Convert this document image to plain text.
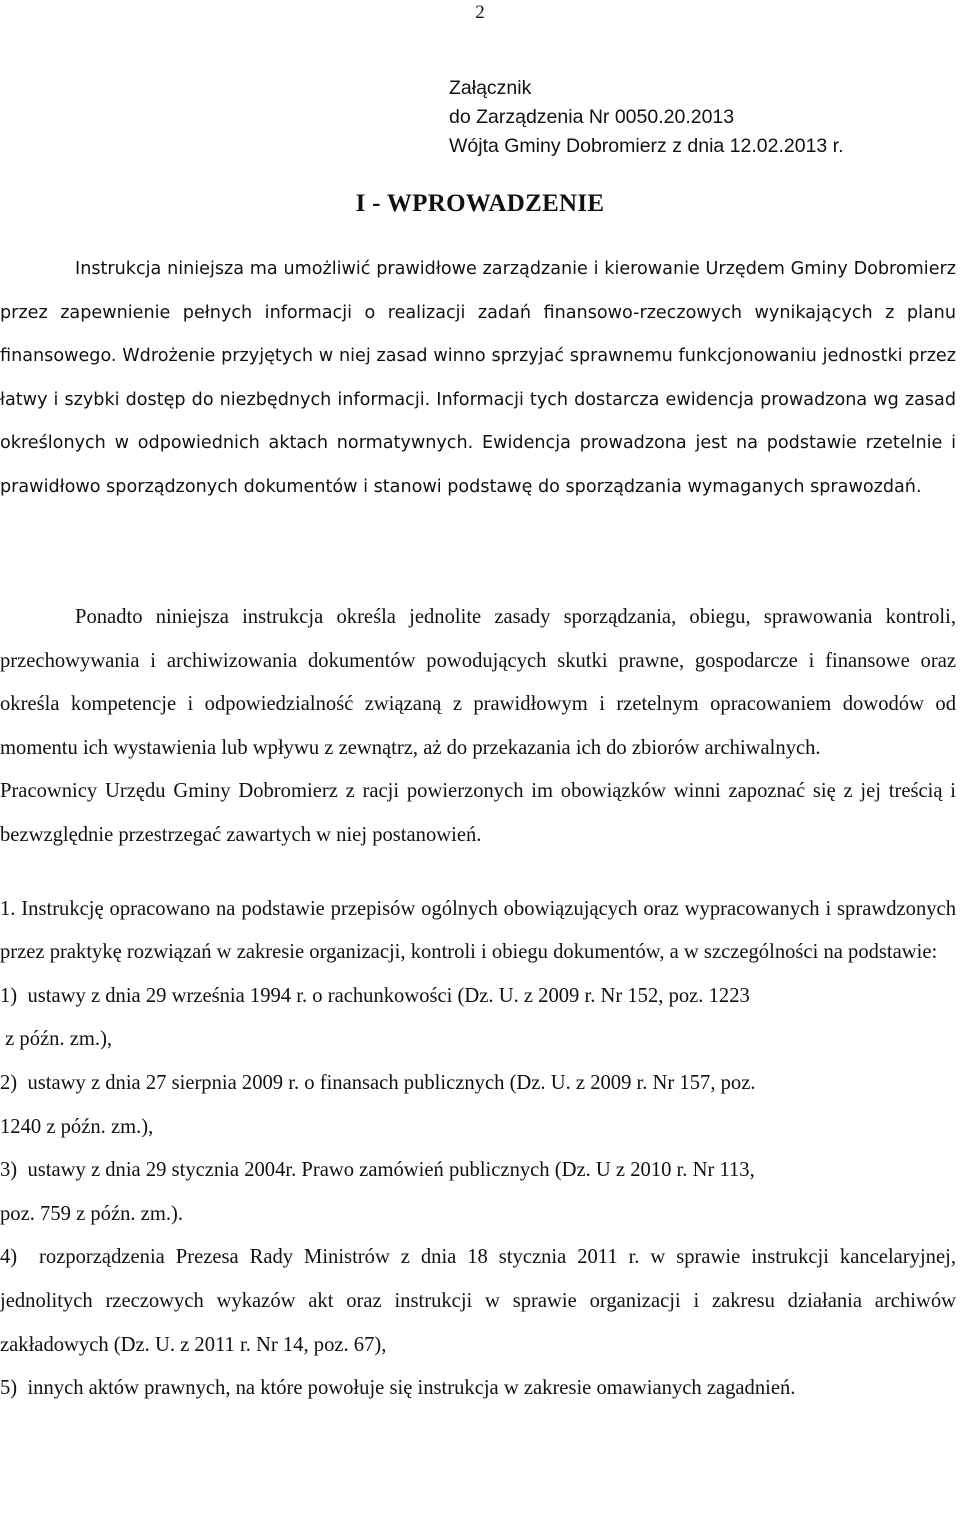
2
Załącznik
do Zarządzenia Nr 0050.20.2013
Wójta Gminy Dobromierz z dnia 12.02.2013 r.
I - WPROWADZENIE

Instrukcja niniejsza ma umożliwić prawidłowe zarządzanie i kierowanie Urzędem Gminy Dobromierz przez zapewnienie pełnych informacji o realizacji zadań finansowo-rzeczowych wynikających z planu finansowego. Wdrożenie przyjętych w niej zasad winno sprzyjać sprawnemu funkcjonowaniu jednostki przez łatwy i szybki dostęp do niezbędnych informacji. Informacji tych dostarcza ewidencja prowadzona wg zasad określonych w odpowiednich aktach normatywnych. Ewidencja prowadzona jest na podstawie rzetelnie i prawidłowo sporządzonych dokumentów i stanowi podstawę do sporządzania wymaganych sprawozdań.

Ponadto niniejsza instrukcja określa jednolite zasady sporządzania, obiegu, sprawowania kontroli, przechowywania i archiwizowania dokumentów powodujących skutki prawne, gospodarcze i finansowe oraz określa kompetencje i odpowiedzialność związaną z prawidłowym i rzetelnym opracowaniem dowodów od momentu ich wystawienia lub wpływu z zewnątrz, aż do przekazania ich do zbiorów archiwalnych.

Pracownicy Urzędu Gminy Dobromierz z racji powierzonych im obowiązków winni zapoznać się z jej treścią i bezwzględnie przestrzegać zawartych w niej postanowień.

1. Instrukcję opracowano na podstawie przepisów ogólnych obowiązujących oraz wypracowanych i sprawdzonych przez praktykę rozwiązań w zakresie organizacji, kontroli i obiegu dokumentów, a w szczególności na podstawie:

1)  ustawy z dnia 29 września 1994 r. o rachunkowości (Dz. U. z 2009 r. Nr 152, poz. 1223
z późn. zm.),

2)  ustawy z dnia 27 sierpnia 2009 r. o finansach publicznych (Dz. U. z 2009 r. Nr 157, poz.
1240 z późn. zm.),

3)  ustawy z dnia 29 stycznia 2004r. Prawo zamówień publicznych (Dz. U z 2010 r. Nr 113,
poz. 759 z późn. zm.).

4)  rozporządzenia Prezesa Rady Ministrów z dnia 18 stycznia 2011 r. w sprawie instrukcji kancelaryjnej, jednolitych rzeczowych wykazów akt oraz instrukcji w sprawie organizacji i zakresu działania archiwów zakładowych (Dz. U. z 2011 r. Nr 14, poz. 67),

5)  innych aktów prawnych, na które powołuje się instrukcja w zakresie omawianych zagadnień.
